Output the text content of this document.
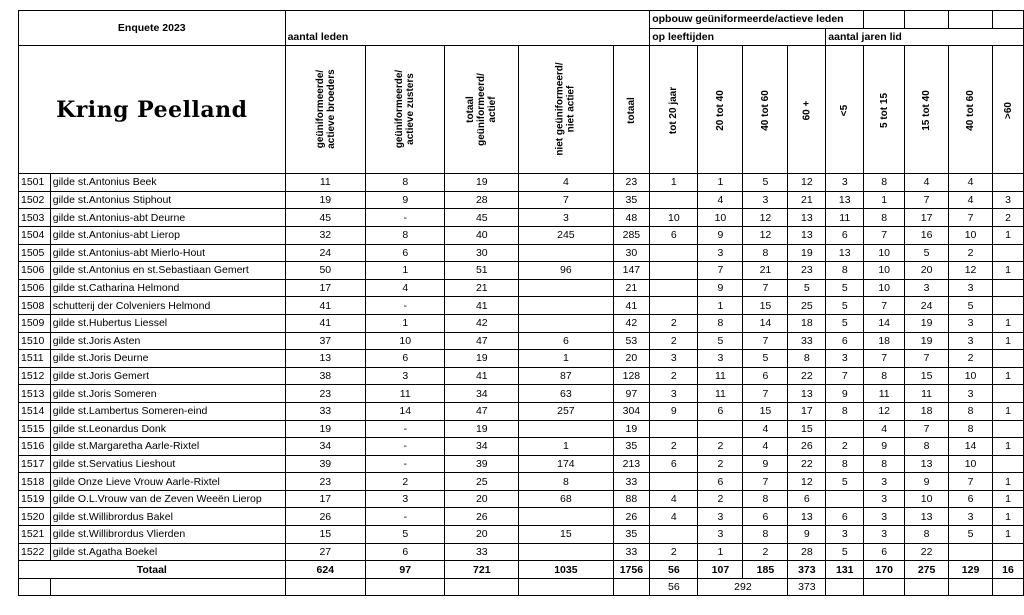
Enquete 2023							opbouw geüniformeerde/actieve leden								
		aantal leden					op leeftijden				aantal jaren lid				
Kring Peelland		geüniformeerde/ actieve broeders	geüniformeerde/ actieve zusters	totaal geüniformeerd/ actief	niet geüniformeerd/ niet actief	totaal	tot 20 jaar	20 tot 40	40 tot 60	60 +	<5	5 tot 15	15 tot 40	40 tot 60	>60

1501	gilde st.Antonius Beek	11	8	19	4	23	1	1	5	12	3	8	4	4	
1502	gilde st.Antonius Stiphout	19	9	28	7	35		4	3	21	13	1	7	4	3
1503	gilde st.Antonius-abt Deurne	45	-	45	3	48	10	10	12	13	11	8	17	7	2
1504	gilde st.Antonius-abt Lierop	32	8	40	245	285	6	9	12	13	6	7	16	10	1
1505	gilde st.Antonius-abt Mierlo-Hout	24	6	30		30		3	8	19	13	10	5	2	
1506	gilde st.Antonius en st.Sebastiaan Gemert	50	1	51	96	147		7	21	23	8	10	20	12	1
1506	gilde st.Catharina Helmond	17	4	21		21		9	7	5	5	10	3	3	
1508	schutterij der Colveniers Helmond	41	-	41		41		1	15	25	5	7	24	5	
1509	gilde st.Hubertus Liessel	41	1	42		42	2	8	14	18	5	14	19	3	1
1510	gilde st.Joris Asten	37	10	47	6	53	2	5	7	33	6	18	19	3	1
1511	gilde st.Joris Deurne	13	6	19	1	20	3	3	5	8	3	7	7	2	
1512	gilde st.Joris Gemert	38	3	41	87	128	2	11	6	22	7	8	15	10	1
1513	gilde st.Joris Someren	23	11	34	63	97	3	11	7	13	9	11	11	3	
1514	gilde st.Lambertus Someren-eind	33	14	47	257	304	9	6	15	17	8	12	18	8	1
1515	gilde st.Leonardus Donk	19	-	19		19			4	15		4	7	8	
1516	gilde st.Margaretha Aarle-Rixtel	34	-	34	1	35	2	2	4	26	2	9	8	14	1
1517	gilde st.Servatius Lieshout	39	-	39	174	213	6	2	9	22	8	8	13	10	
1518	gilde Onze Lieve Vrouw Aarle-Rixtel	23	2	25	8	33		6	7	12	5	3	9	7	1
1519	gilde O.L.Vrouw van de Zeven Weeën Lierop	17	3	20	68	88	4	2	8	6		3	10	6	1
1520	gilde st.Willibrordus Bakel	26	-	26		26	4	3	6	13	6	3	13	3	1
1521	gilde st.Willibrordus Vlierden	15	5	20	15	35		3	8	9	3	3	8	5	1
1522	gilde st.Agatha Boekel	27	6	33		33	2	1	2	28	5	6	22		
Totaal		624	97	721	1035	1756	56	107	185	373	131	170	275	129	16
							56	292		373					
